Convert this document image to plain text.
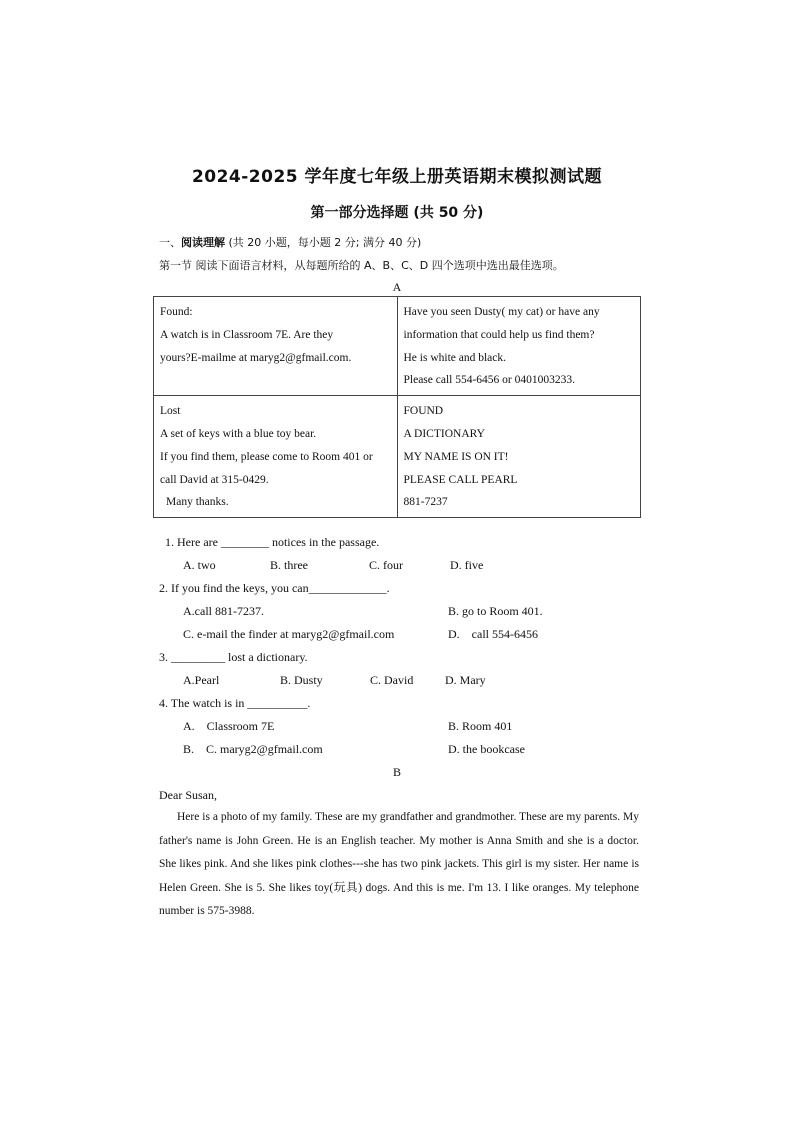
2024-2025 学年度七年级上册英语期末模拟测试题
第一部分选择题 (共 50 分)
一、阅读理解 (共 20 小题，每小题 2 分; 满分 40 分)
第一节 阅读下面语言材料，从每题所给的 A、B、C、D 四个选项中选出最佳选项。
A
Found:
A watch is in Classroom 7E. Are they
yours?E-mailme at maryg2@gfmail.com.	Have you seen Dusty( my cat) or have any
information that could help us find them?
He is white and black.
Please call 554-6456 or 0401003233.

Lost
A set of keys with a blue toy bear.
If you find them, please come to Room 401 or
call David at 315-0429.
Many thanks.	FOUND
A DICTIONARY
MY NAME IS ON IT!
PLEASE CALL PEARL
881-7237
1. Here are ________ notices in the passage.
A. two	B. three	C. four	D. five
2. If you find the keys, you can_____________.
A.call 881-7237.	B. go to Room 401.
C. e-mail the finder at maryg2@gfmail.com	D.    call 554-6456
3. _________ lost a dictionary.
A.Pearl	B. Dusty	C. David	D. Mary
4. The watch is in __________.
A.    Classroom 7E	B. Room 401
B.    C. maryg2@gfmail.com	D. the bookcase
B
Dear Susan,
Here is a photo of my family. These are my grandfather and grandmother. These are my parents. My father's name is John Green. He is an English teacher. My mother is Anna Smith and she is a doctor. She likes pink. And she likes pink clothes---she has two pink jackets. This girl is my sister. Her name is Helen Green. She is 5. She likes toy(玩具) dogs. And this is me. I'm 13. I like oranges. My telephone number is 575-3988.
